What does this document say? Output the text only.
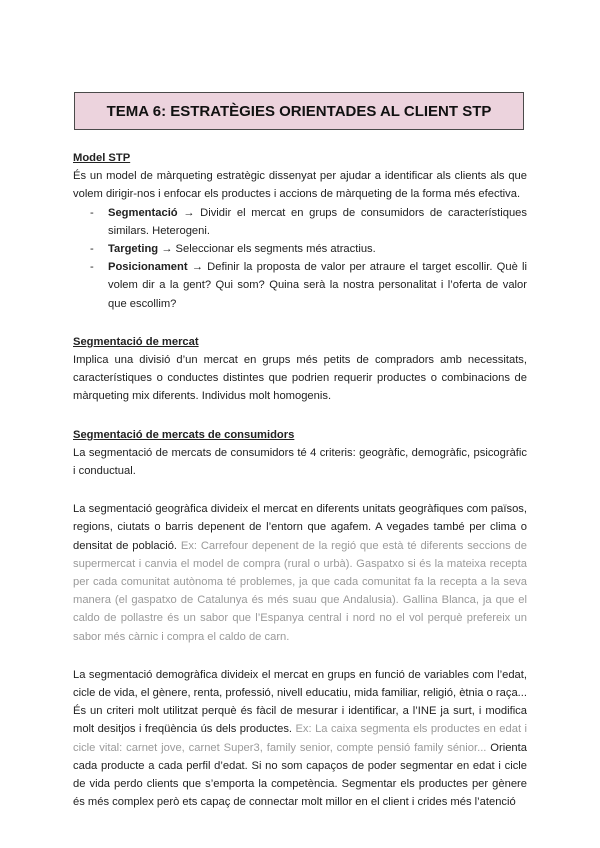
TEMA 6: ESTRATÈGIES ORIENTADES AL CLIENT STP

Model STP

És un model de màrqueting estratègic dissenyat per ajudar a identificar als clients als que volem dirigir-nos i enfocar els productes i accions de màrqueting de la forma més efectiva.

- Segmentació → Dividir el mercat en grups de consumidors de característiques similars. Heterogeni.
- Targeting → Seleccionar els segments més atractius.
- Posicionament → Definir la proposta de valor per atraure el target escollir. Què li volem dir a la gent? Qui som? Quina serà la nostra personalitat i l’oferta de valor que escollim?

Segmentació de mercat

Implica una divisió d’un mercat en grups més petits de compradors amb necessitats, característiques o conductes distintes que podrien requerir productes o combinacions de màrqueting mix diferents. Individus molt homogenis.

Segmentació de mercats de consumidors

La segmentació de mercats de consumidors té 4 criteris: geogràfic, demogràfic, psicogràfic i conductual.

La segmentació geogràfica divideix el mercat en diferents unitats geogràfiques com països, regions, ciutats o barris depenent de l’entorn que agafem. A vegades també per clima o densitat de població. Ex: Carrefour depenent de la regió que està té diferents seccions de supermercat i canvia el model de compra (rural o urbà). Gaspatxo si és la mateixa recepta per cada comunitat autònoma té problemes, ja que cada comunitat fa la recepta a la seva manera (el gaspatxo de Catalunya és més suau que Andalusia). Gallina Blanca, ja que el caldo de pollastre és un sabor que l’Espanya central i nord no el vol perquè prefereix un sabor més càrnic i compra el caldo de carn.

La segmentació demogràfica divideix el mercat en grups en funció de variables com l’edat, cicle de vida, el gènere, renta, professió, nivell educatiu, mida familiar, religió, ètnia o raça... És un criteri molt utilitzat perquè és fàcil de mesurar i identificar, a l’INE ja surt, i modifica molt desitjos i freqüència ús dels productes. Ex: La caixa segmenta els productes en edat i cicle vital: carnet jove, carnet Super3, family senior, compte pensió family sénior... Orienta cada producte a cada perfil d’edat. Si no som capaços de poder segmentar en edat i cicle de vida perdo clients que s’emporta la competència. Segmentar els productes per gènere és més complex però ets capaç de connectar molt millor en el client i crides més l’atenció
